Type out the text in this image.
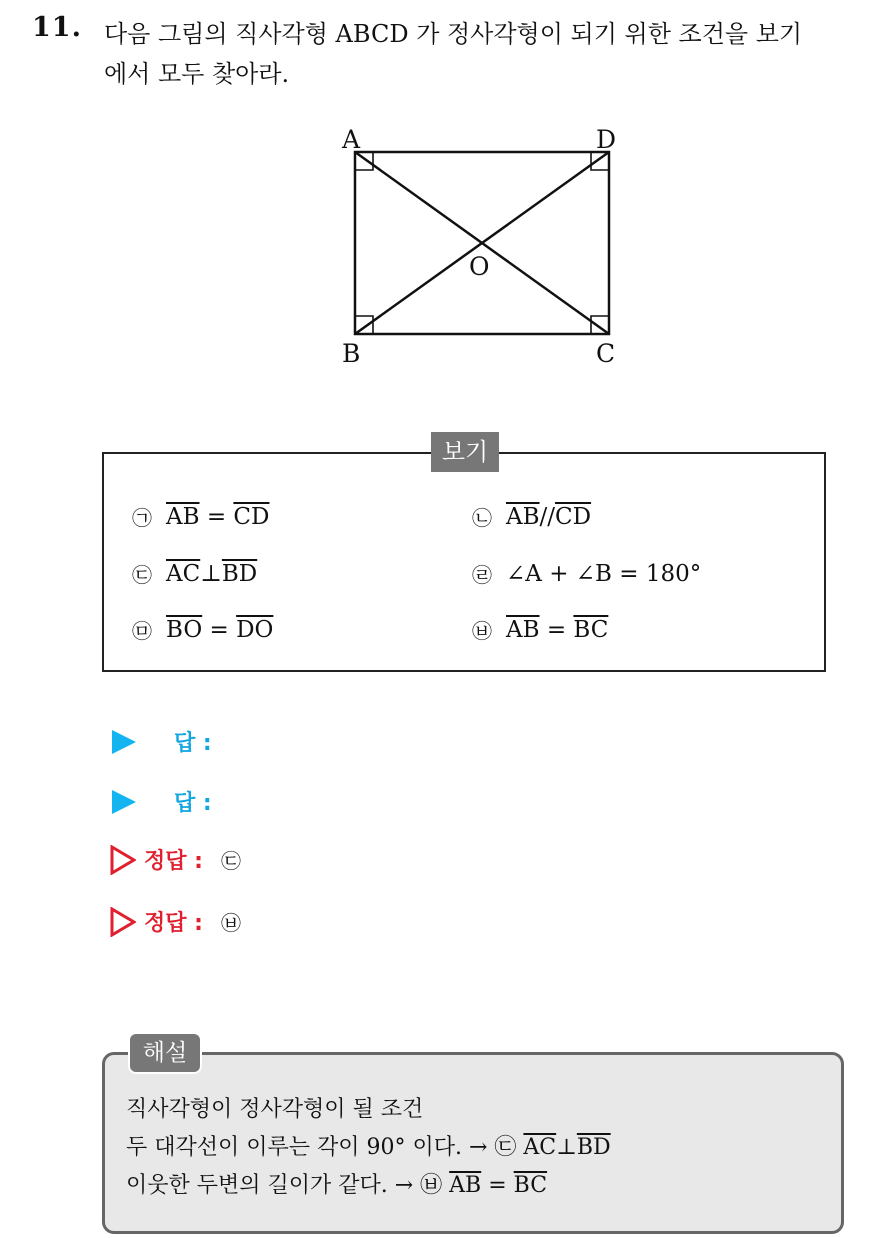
11. 다음 그림의 직사각형 ABCD 가 정사각형이 되기 위한 조건을 보기
에서 모두 찾아라.
A	D
B	C
O
보기
㉠ $\overline{AB} = \overline{CD}$	㉡ $\overline{AB} // \overline{CD}$
㉢ $\overline{AC}$ ⊥ $\overline{BD}$	㉣ ∠A + ∠B = 180°
㉤ $\overline{BO} = \overline{DO}$	㉥ $\overline{AB} = \overline{BC}$
답 :
답 :
정답 : ㉢
정답 : ㉥
해설
직사각형이 정사각형이 될 조건
두 대각선이 이루는 각이 90° 이다. → ㉢ $\overline{AC}\perp\overline{BD}$
이웃한 두변의 길이가 같다. → ㉥ $\overline{AB} = \overline{BC}$
